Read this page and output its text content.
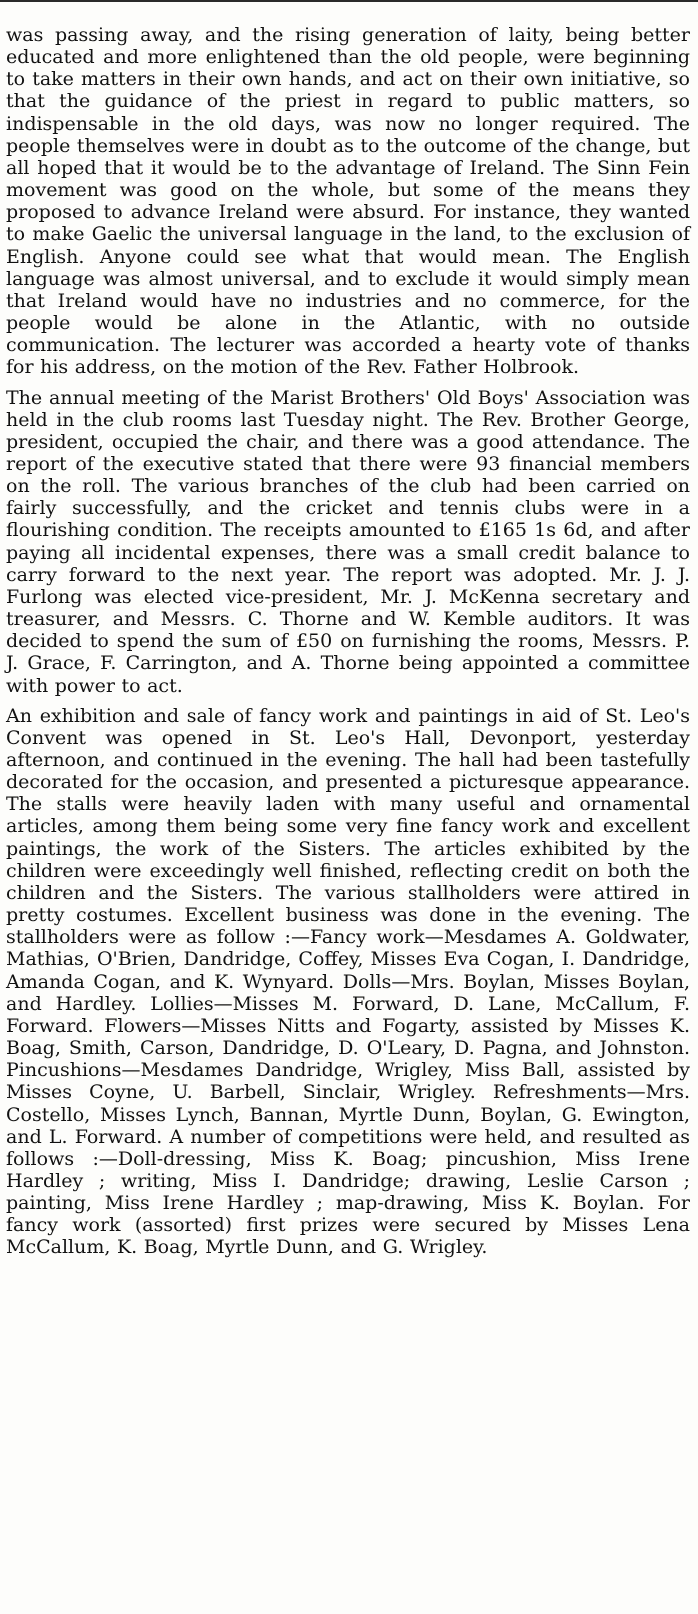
was passing away, and the rising generation of laity, being better educated and more enlightened than the old people, were beginning to take matters in their own hands, and act on their own initiative, so that the guidance of the priest in regard to public matters, so indispensable in the old days, was now no longer required. The people themselves were in doubt as to the outcome of the change, but all hoped that it would be to the advantage of Ireland. The Sinn Fein movement was good on the whole, but some of the means they proposed to advance Ireland were absurd. For instance, they wanted to make Gaelic the universal language in the land, to the exclusion of English. Anyone could see what that would mean. The English language was almost universal, and to exclude it would simply mean that Ireland would have no industries and no commerce, for the people would be alone in the Atlantic, with no outside communication. The lecturer was accorded a hearty vote of thanks for his address, on the motion of the Rev. Father Holbrook.

The annual meeting of the Marist Brothers' Old Boys' Association was held in the club rooms last Tuesday night. The Rev. Brother George, president, occupied the chair, and there was a good attendance. The report of the executive stated that there were 93 financial members on the roll. The various branches of the club had been carried on fairly successfully, and the cricket and tennis clubs were in a flourishing condition. The receipts amounted to £165 1s 6d, and after paying all incidental expenses, there was a small credit balance to carry forward to the next year. The report was adopted. Mr. J. J. Furlong was elected vice-president, Mr. J. McKenna secretary and treasurer, and Messrs. C. Thorne and W. Kemble auditors. It was decided to spend the sum of £50 on furnishing the rooms, Messrs. P. J. Grace, F. Carrington, and A. Thorne being appointed a committee with power to act.

An exhibition and sale of fancy work and paintings in aid of St. Leo's Convent was opened in St. Leo's Hall, Devonport, yesterday afternoon, and continued in the evening. The hall had been tastefully decorated for the occasion, and presented a picturesque appearance. The stalls were heavily laden with many useful and ornamental articles, among them being some very fine fancy work and excellent paintings, the work of the Sisters. The articles exhibited by the children were exceedingly well finished, reflecting credit on both the children and the Sisters. The various stallholders were attired in pretty costumes. Excellent business was done in the evening. The stallholders were as follow :—Fancy work—Mesdames A. Goldwater, Mathias, O'Brien, Dandridge, Coffey, Misses Eva Cogan, I. Dandridge, Amanda Cogan, and K. Wynyard. Dolls—Mrs. Boylan, Misses Boylan, and Hardley. Lollies—Misses M. Forward, D. Lane, McCallum, F. Forward. Flowers—Misses Nitts and Fogarty, assisted by Misses K. Boag, Smith, Carson, Dandridge, D. O'Leary, D. Pagna, and Johnston. Pincushions—Mesdames Dandridge, Wrigley, Miss Ball, assisted by Misses Coyne, U. Barbell, Sinclair, Wrigley. Refreshments—Mrs. Costello, Misses Lynch, Bannan, Myrtle Dunn, Boylan, G. Ewington, and L. Forward. A number of competitions were held, and resulted as follows :—Doll-dressing, Miss K. Boag; pincushion, Miss Irene Hardley ; writing, Miss I. Dandridge; drawing, Leslie Carson ; painting, Miss Irene Hardley ; map-drawing, Miss K. Boylan. For fancy work (assorted) first prizes were secured by Misses Lena McCallum, K. Boag, Myrtle Dunn, and G. Wrigley.
